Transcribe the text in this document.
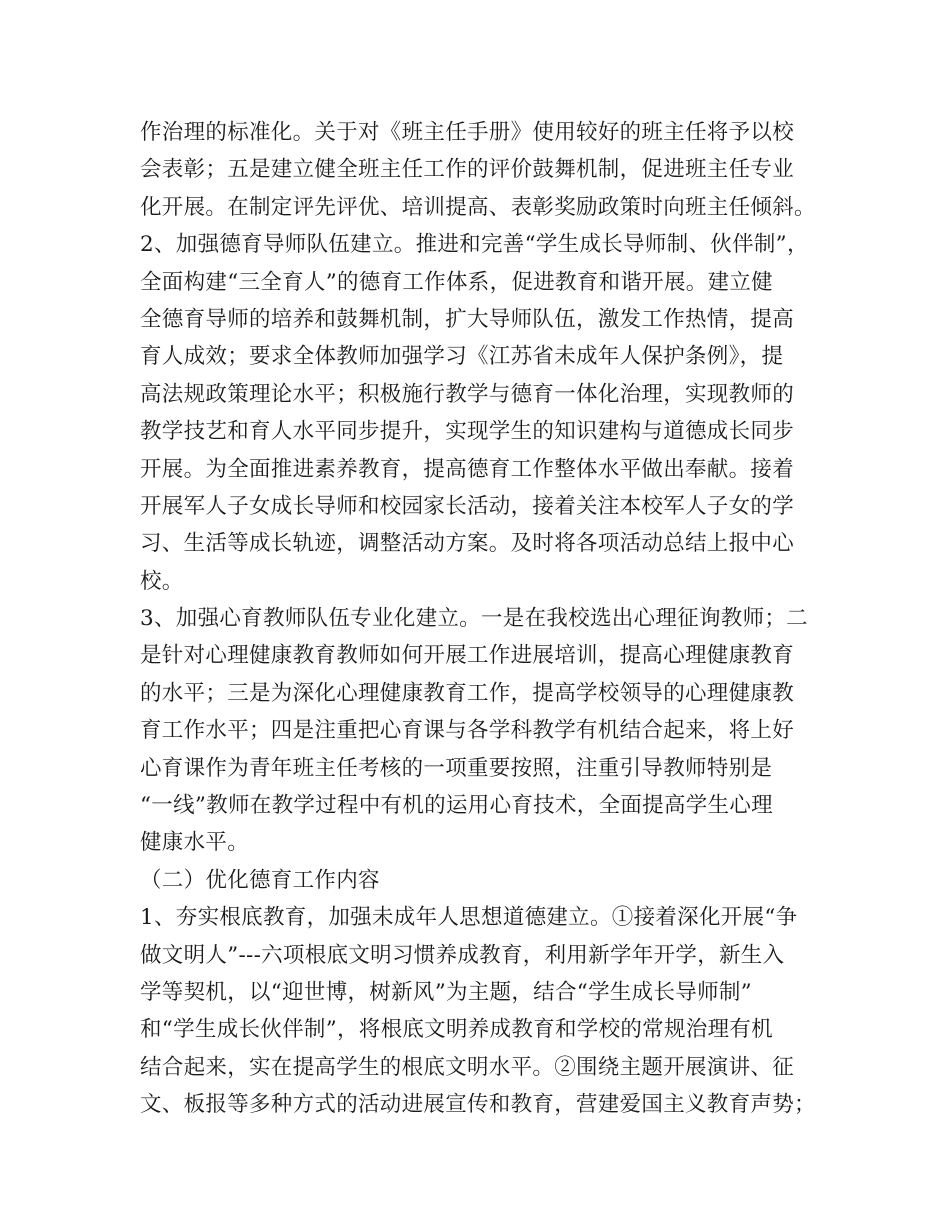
作治理的标准化。关于对《班主任手册》使用较好的班主任将予以校
会表彰；五是建立健全班主任工作的评价鼓舞机制，促进班主任专业
化开展。在制定评先评优、培训提高、表彰奖励政策时向班主任倾斜。
2、加强德育导师队伍建立。推进和完善“学生成长导师制、伙伴制”，
全面构建“三全育人”的德育工作体系，促进教育和谐开展。建立健
全德育导师的培养和鼓舞机制，扩大导师队伍，激发工作热情，提高
育人成效；要求全体教师加强学习《江苏省未成年人保护条例》，提
高法规政策理论水平；积极施行教学与德育一体化治理，实现教师的
教学技艺和育人水平同步提升，实现学生的知识建构与道德成长同步
开展。为全面推进素养教育，提高德育工作整体水平做出奉献。接着
开展军人子女成长导师和校园家长活动，接着关注本校军人子女的学
习、生活等成长轨迹，调整活动方案。及时将各项活动总结上报中心
校。
3、加强心育教师队伍专业化建立。一是在我校选出心理征询教师；二
是针对心理健康教育教师如何开展工作进展培训，提高心理健康教育
的水平；三是为深化心理健康教育工作，提高学校领导的心理健康教
育工作水平；四是注重把心育课与各学科教学有机结合起来，将上好
心育课作为青年班主任考核的一项重要按照，注重引导教师特别是
“一线”教师在教学过程中有机的运用心育技术，全面提高学生心理
健康水平。
（二）优化德育工作内容
1、夯实根底教育，加强未成年人思想道德建立。①接着深化开展“争
做文明人”---六项根底文明习惯养成教育，利用新学年开学，新生入
学等契机，以“迎世博，树新风”为主题，结合“学生成长导师制”
和“学生成长伙伴制”，将根底文明养成教育和学校的常规治理有机
结合起来，实在提高学生的根底文明水平。②围绕主题开展演讲、征
文、板报等多种方式的活动进展宣传和教育，营建爱国主义教育声势；
